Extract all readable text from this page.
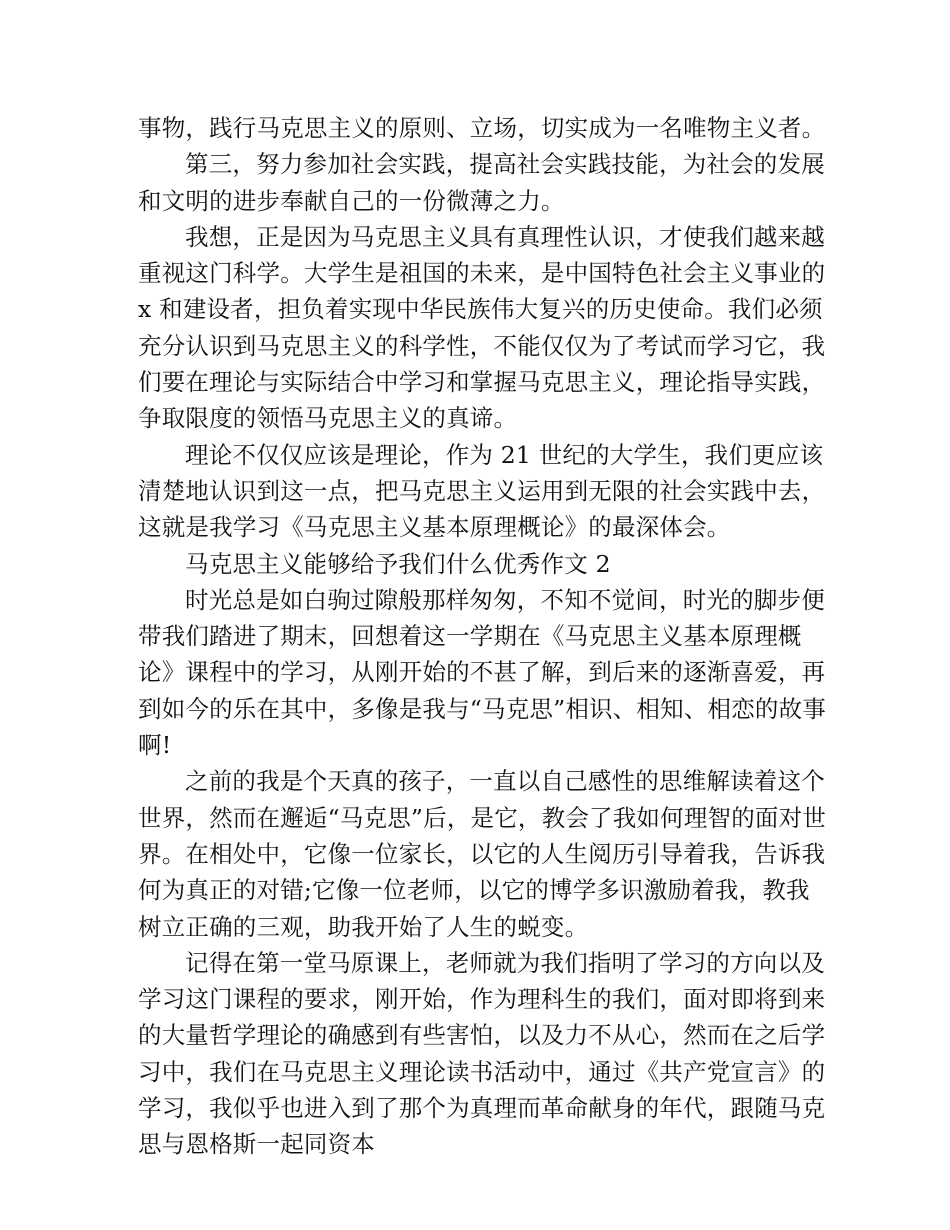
事物，践行马克思主义的原则、立场，切实成为一名唯物主义者。

第三，努力参加社会实践，提高社会实践技能，为社会的发展和文明的进步奉献自己的一份微薄之力。

我想，正是因为马克思主义具有真理性认识，才使我们越来越重视这门科学。大学生是祖国的未来，是中国特色社会主义事业的 x 和建设者，担负着实现中华民族伟大复兴的历史使命。我们必须充分认识到马克思主义的科学性，不能仅仅为了考试而学习它，我们要在理论与实际结合中学习和掌握马克思主义，理论指导实践，争取限度的领悟马克思主义的真谛。

理论不仅仅应该是理论，作为 21 世纪的大学生，我们更应该清楚地认识到这一点，把马克思主义运用到无限的社会实践中去，这就是我学习《马克思主义基本原理概论》的最深体会。

马克思主义能够给予我们什么优秀作文 2

时光总是如白驹过隙般那样匆匆，不知不觉间，时光的脚步便带我们踏进了期末，回想着这一学期在《马克思主义基本原理概论》课程中的学习，从刚开始的不甚了解，到后来的逐渐喜爱，再到如今的乐在其中，多像是我与“马克思”相识、相知、相恋的故事啊!

之前的我是个天真的孩子，一直以自己感性的思维解读着这个世界，然而在邂逅“马克思”后，是它，教会了我如何理智的面对世界。在相处中，它像一位家长，以它的人生阅历引导着我，告诉我何为真正的对错;它像一位老师，以它的博学多识激励着我，教我树立正确的三观，助我开始了人生的蜕变。

记得在第一堂马原课上，老师就为我们指明了学习的方向以及学习这门课程的要求，刚开始，作为理科生的我们，面对即将到来的大量哲学理论的确感到有些害怕，以及力不从心，然而在之后学习中，我们在马克思主义理论读书活动中，通过《共产党宣言》的学习，我似乎也进入到了那个为真理而革命献身的年代，跟随马克思与恩格斯一起同资本
